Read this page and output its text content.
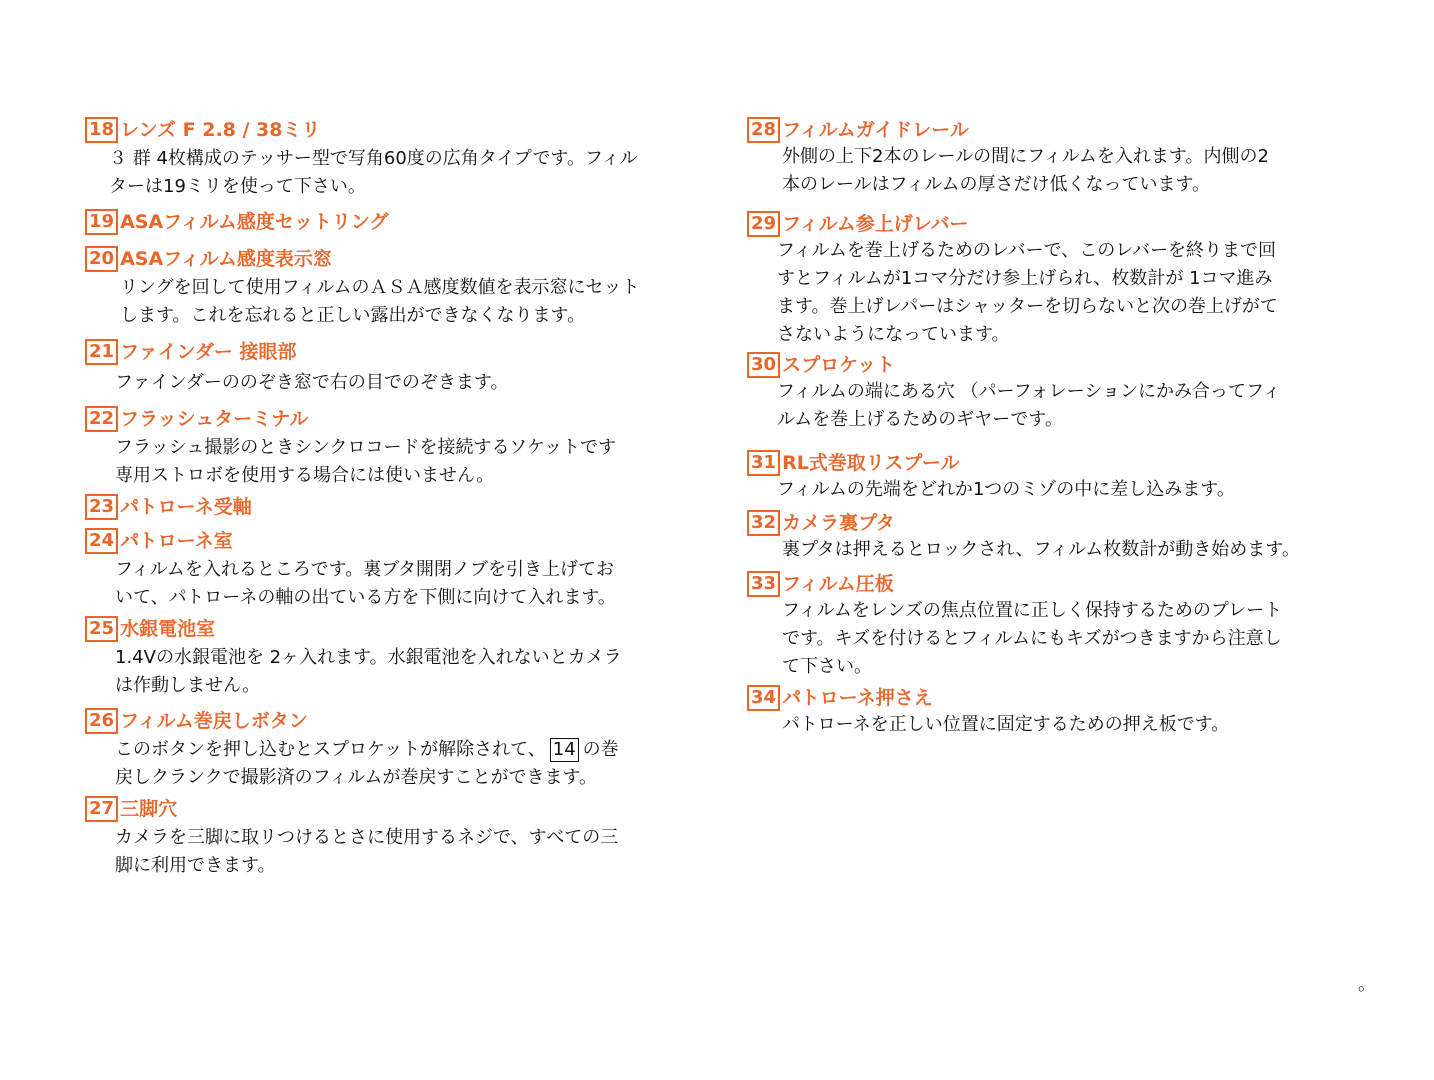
18 レンズ F 2.8 / 38ミリ
３ 群 4枚構成のテッサー型で写角60度の広角タイプです。フィル
ターは19ミリを使って下さい。
19 ASAフィルム感度セットリング
20 ASAフィルム感度表示窓
リングを回して使用フィルムのＡＳＡ感度数値を表示窓にセット
します。これを忘れると正しい露出ができなくなります。
21 ファインダー 接眼部
ファインダーののぞき窓で右の目でのぞきます。
22 フラッシュターミナル
フラッシュ撮影のときシンクロコードを接続するソケットです
専用ストロボを使用する場合には使いません。
23 パトローネ受軸
24 パトローネ室
フィルムを入れるところです。裏ブタ開閉ノブを引き上げてお
いて、パトローネの軸の出ている方を下側に向けて入れます。
25 水銀電池室
1.4Vの水銀電池を 2ヶ入れます。水銀電池を入れないとカメラ
は作動しません。
26 フィルム巻戻しボタン
このボタンを押し込むとスプロケットが解除されて、 14 の巻
戻しクランクで撮影済のフィルムが巻戻すことができます。
27 三脚穴
カメラを三脚に取リつけるとさに使用するネジで、すべての三
脚に利用できます。
28 フィルムガイドレール
外側の上下2本のレールの間にフィルムを入れます。内側の2
本のレールはフィルムの厚さだけ低くなっています。
29 フィルム参上げレバー
フィルムを巻上げるためのレバーで、このレバーを終りまで回
すとフィルムが1コマ分だけ参上げられ、枚数計が 1コマ進み
ます。巻上げレパーはシャッターを切らないと次の巻上げがて
さないようになっています。
30 スプロケット
フィルムの端にある穴 （パーフォレーションにかみ合ってフィ
ルムを巻上げるためのギヤーです。
31 RL式巻取リスプール
フィルムの先端をどれか1つのミゾの中に差し込みます。
32 カメラ裏プタ
裏プタは押えるとロックされ、フィルム枚数計が動き始めます。
33 フィルム圧板
フィルムをレンズの焦点位置に正しく保持するためのプレート
です。キズを付けるとフィルムにもキズがつきますから注意し
て下さい。
34 パトローネ押さえ
パトローネを正しい位置に固定するための押え板です。
。
